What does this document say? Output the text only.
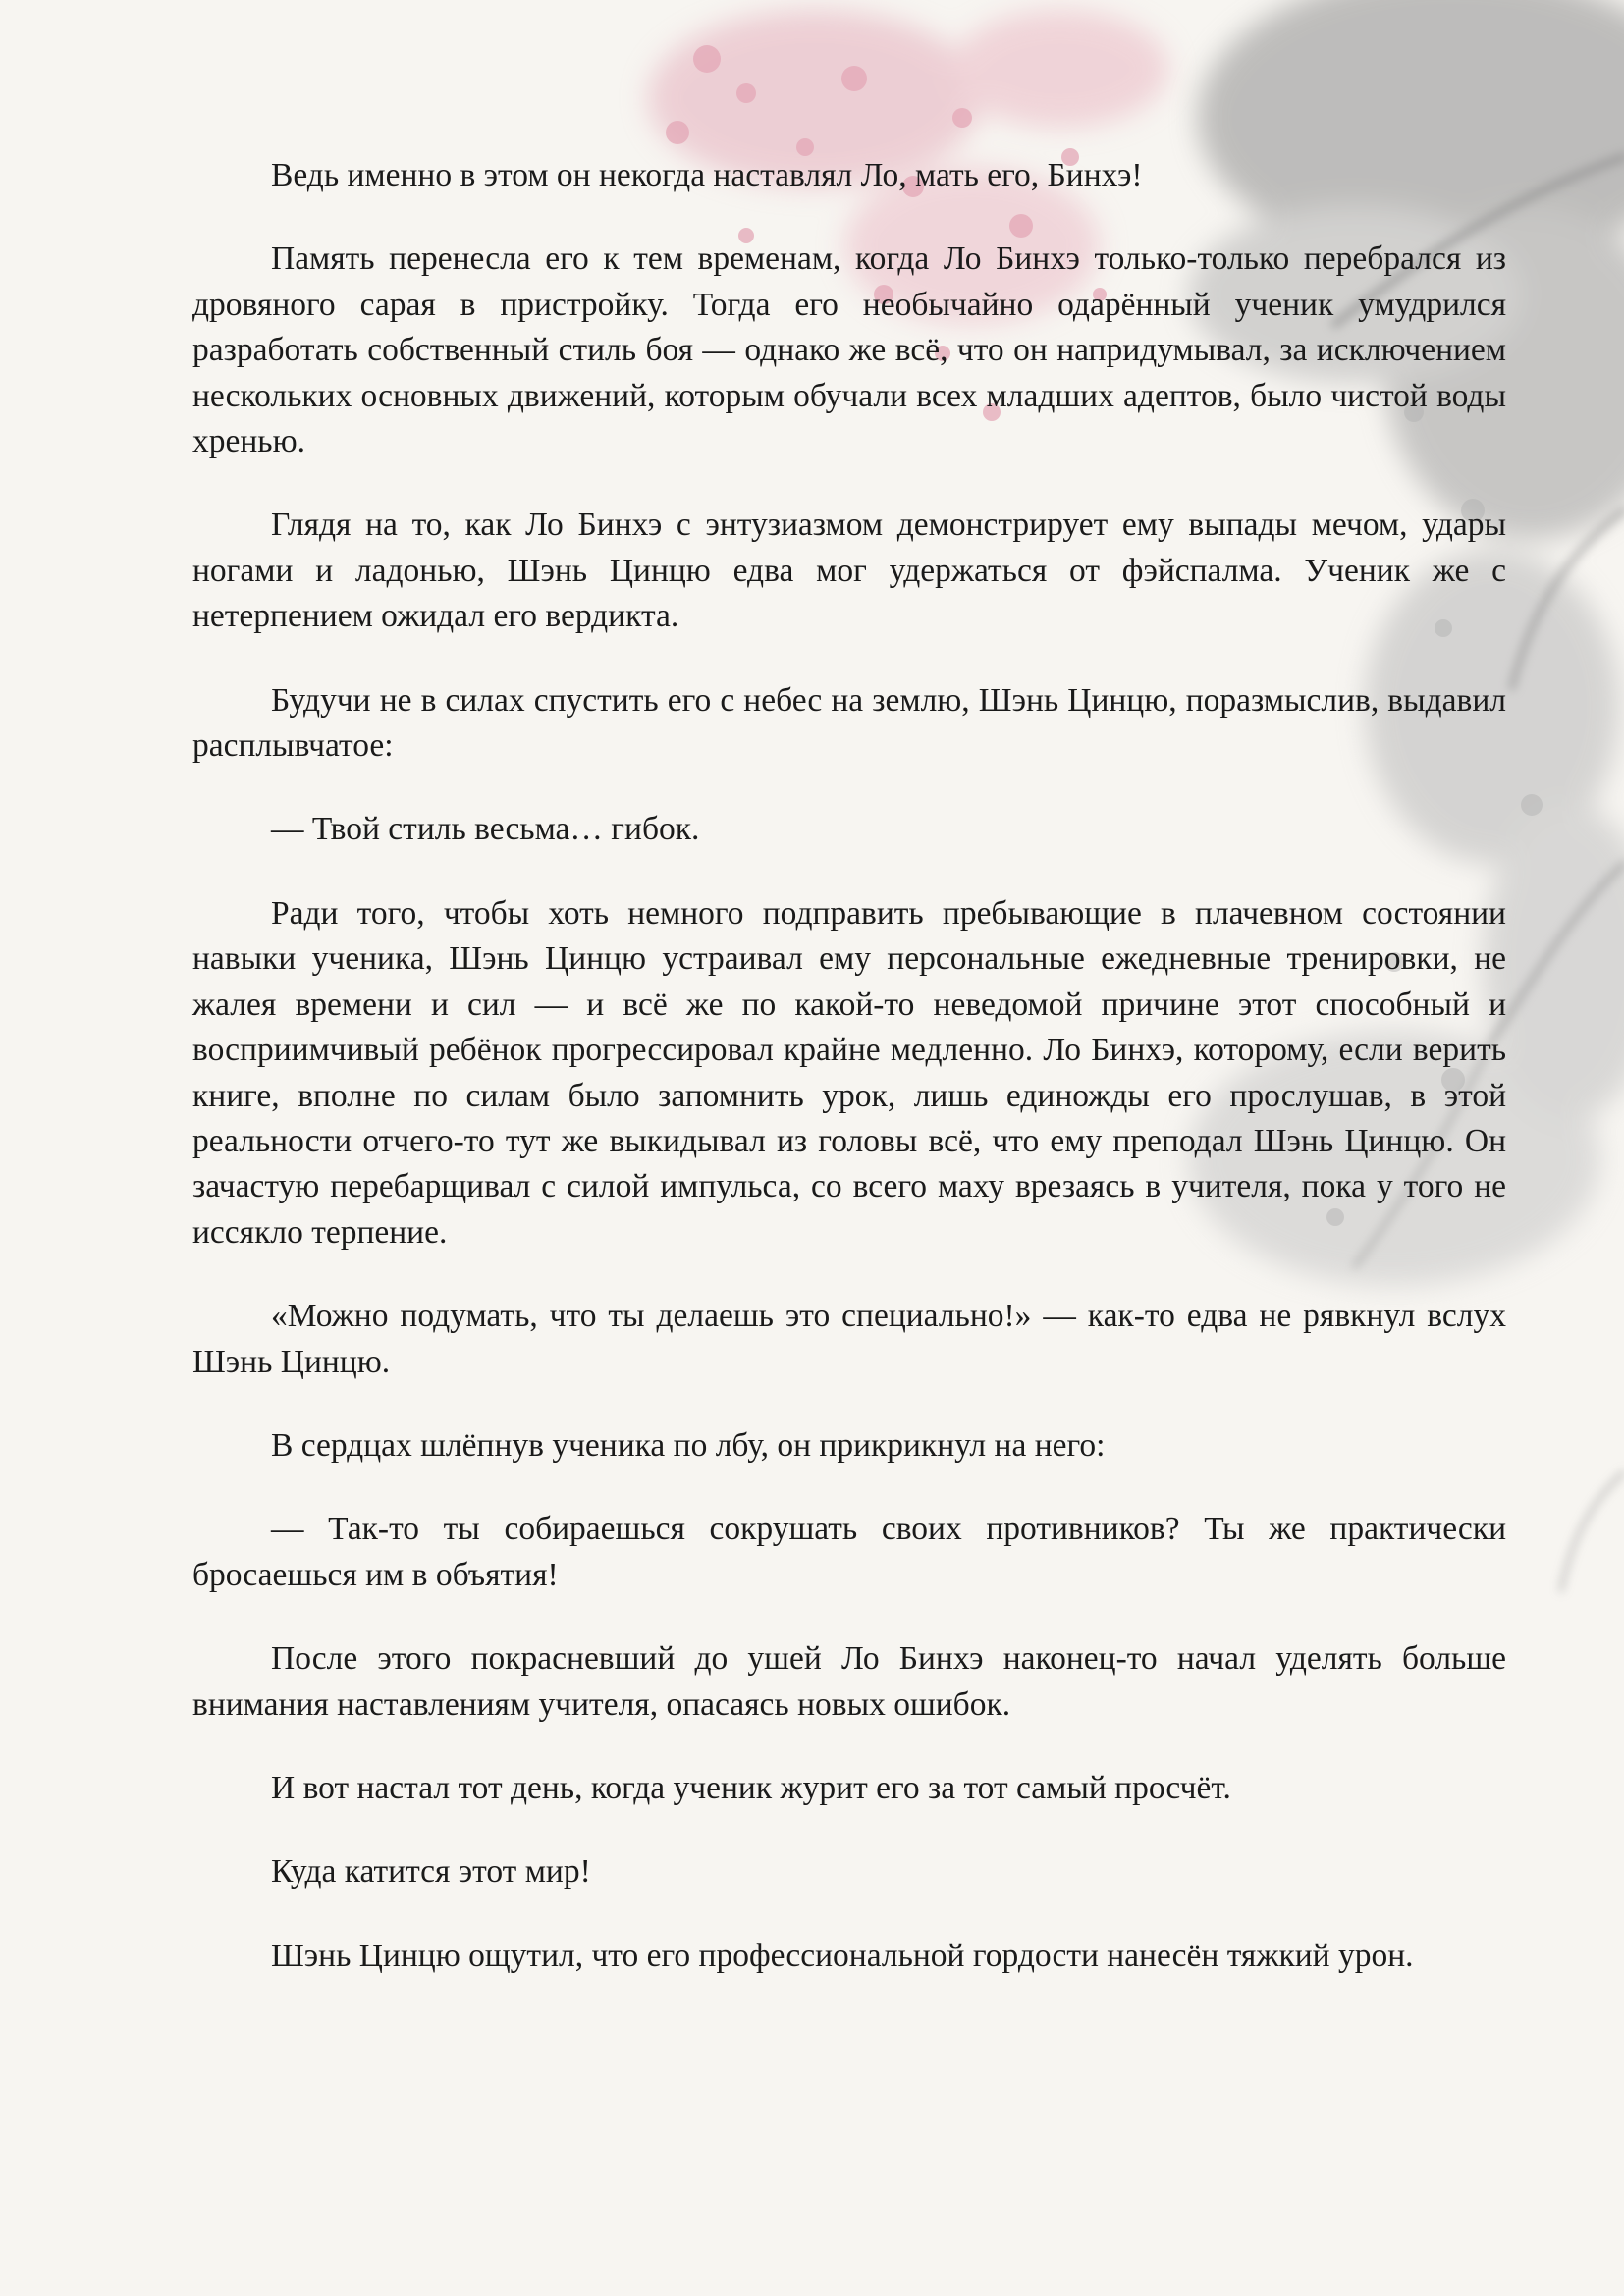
Ведь именно в этом он некогда наставлял Ло, мать его, Бинхэ!

Память перенесла его к тем временам, когда Ло Бинхэ только-только перебрался из дровяного сарая в пристройку. Тогда его необычайно одарённый ученик умудрился разработать собственный стиль боя — однако же всё, что он напридумывал, за исключением нескольких основных движений, которым обучали всех младших адептов, было чистой воды хренью.

Глядя на то, как Ло Бинхэ с энтузиазмом демонстрирует ему выпады мечом, удары ногами и ладонью, Шэнь Цинцю едва мог удержаться от фэйспалма. Ученик же с нетерпением ожидал его вердикта.

Будучи не в силах спустить его с небес на землю, Шэнь Цинцю, поразмыслив, выдавил расплывчатое:

— Твой стиль весьма… гибок.

Ради того, чтобы хоть немного подправить пребывающие в плачевном состоянии навыки ученика, Шэнь Цинцю устраивал ему персональные ежедневные тренировки, не жалея времени и сил — и всё же по какой-то неведомой причине этот способный и восприимчивый ребёнок прогрессировал крайне медленно. Ло Бинхэ, которому, если верить книге, вполне по силам было запомнить урок, лишь единожды его прослушав, в этой реальности отчего-то тут же выкидывал из головы всё, что ему преподал Шэнь Цинцю. Он зачастую перебарщивал с силой импульса, со всего маху врезаясь в учителя, пока у того не иссякло терпение.

«Можно подумать, что ты делаешь это специально!» — как-то едва не рявкнул вслух Шэнь Цинцю.

В сердцах шлёпнув ученика по лбу, он прикрикнул на него:

— Так-то ты собираешься сокрушать своих противников? Ты же практически бросаешься им в объятия!

После этого покрасневший до ушей Ло Бинхэ наконец-то начал уделять больше внимания наставлениям учителя, опасаясь новых ошибок.

И вот настал тот день, когда ученик журит его за тот самый просчёт.

Куда катится этот мир!

Шэнь Цинцю ощутил, что его профессиональной гордости нанесён тяжкий урон.
